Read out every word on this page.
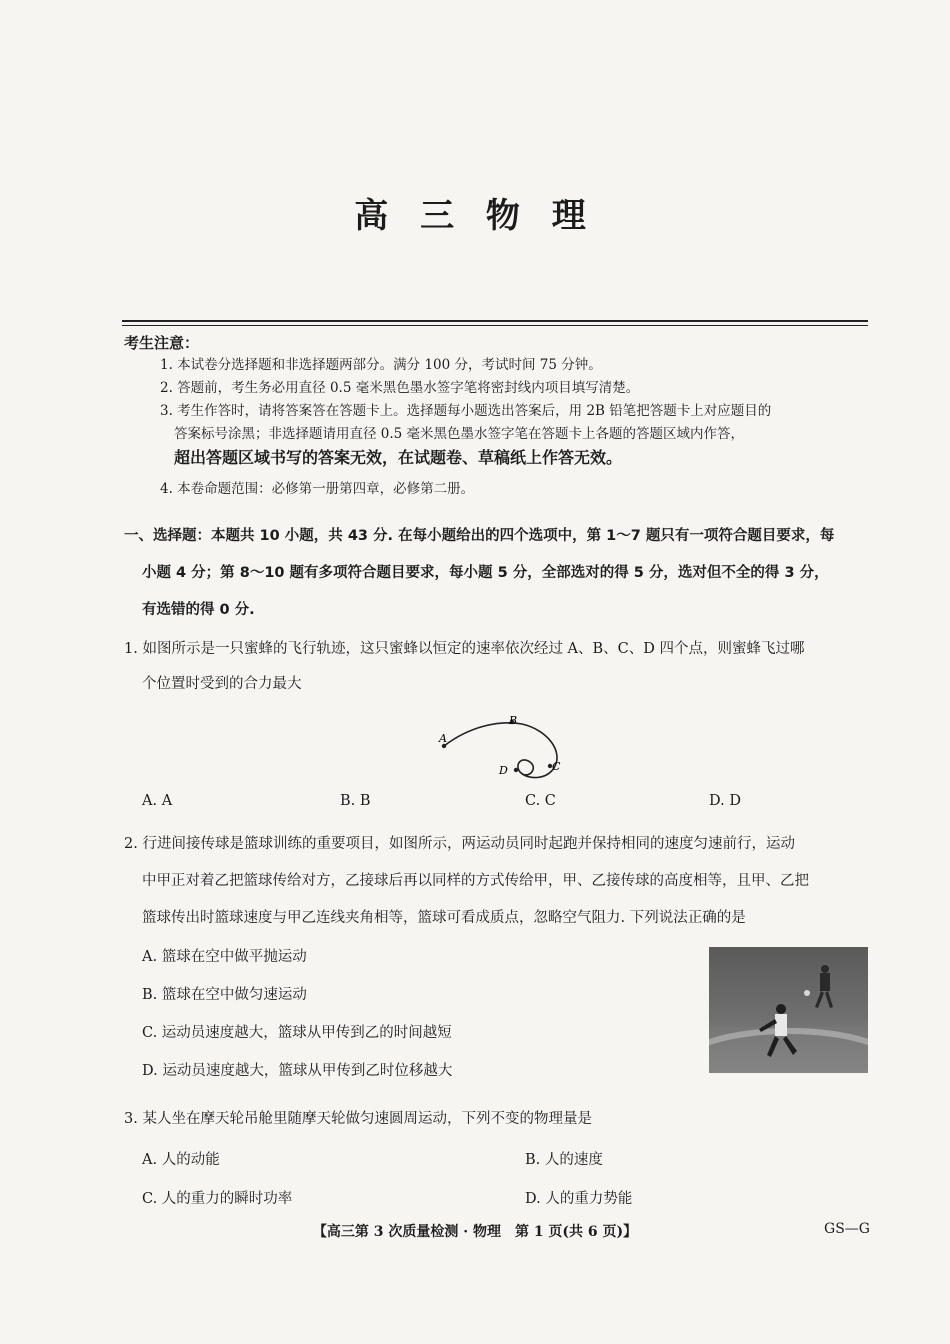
高 三 物 理
考生注意：
1. 本试卷分选择题和非选择题两部分。满分 100 分，考试时间 75 分钟。
2. 答题前，考生务必用直径 0.5 毫米黑色墨水签字笔将密封线内项目填写清楚。
3. 考生作答时，请将答案答在答题卡上。选择题每小题选出答案后，用 2B 铅笔把答题卡上对应题目的
答案标号涂黑；非选择题请用直径 0.5 毫米黑色墨水签字笔在答题卡上各题的答题区域内作答，
超出答题区域书写的答案无效，在试题卷、草稿纸上作答无效。
4. 本卷命题范围：必修第一册第四章，必修第二册。
一、选择题：本题共 10 小题，共 43 分. 在每小题给出的四个选项中，第 1～7 题只有一项符合题目要求，每
小题 4 分；第 8～10 题有多项符合题目要求，每小题 5 分，全部选对的得 5 分，选对但不全的得 3 分，
有选错的得 0 分.
1. 如图所示是一只蜜蜂的飞行轨迹，这只蜜蜂以恒定的速率依次经过 A、B、C、D 四个点，则蜜蜂飞过哪
个位置时受到的合力最大
A
B
C
D
A. A	B. B	C. C	D. D
2. 行进间接传球是篮球训练的重要项目，如图所示，两运动员同时起跑并保持相同的速度匀速前行，运动
中甲正对着乙把篮球传给对方，乙接球后再以同样的方式传给甲，甲、乙接传球的高度相等，且甲、乙把
篮球传出时篮球速度与甲乙连线夹角相等，篮球可看成质点，忽略空气阻力. 下列说法正确的是
A. 篮球在空中做平抛运动
B. 篮球在空中做匀速运动
C. 运动员速度越大，篮球从甲传到乙的时间越短
D. 运动员速度越大，篮球从甲传到乙时位移越大
3. 某人坐在摩天轮吊舱里随摩天轮做匀速圆周运动，下列不变的物理量是
A. 人的动能	B. 人的速度
C. 人的重力的瞬时功率	D. 人的重力势能
【高三第 3 次质量检测 · 物理　第 1 页(共 6 页)】	GS—G
